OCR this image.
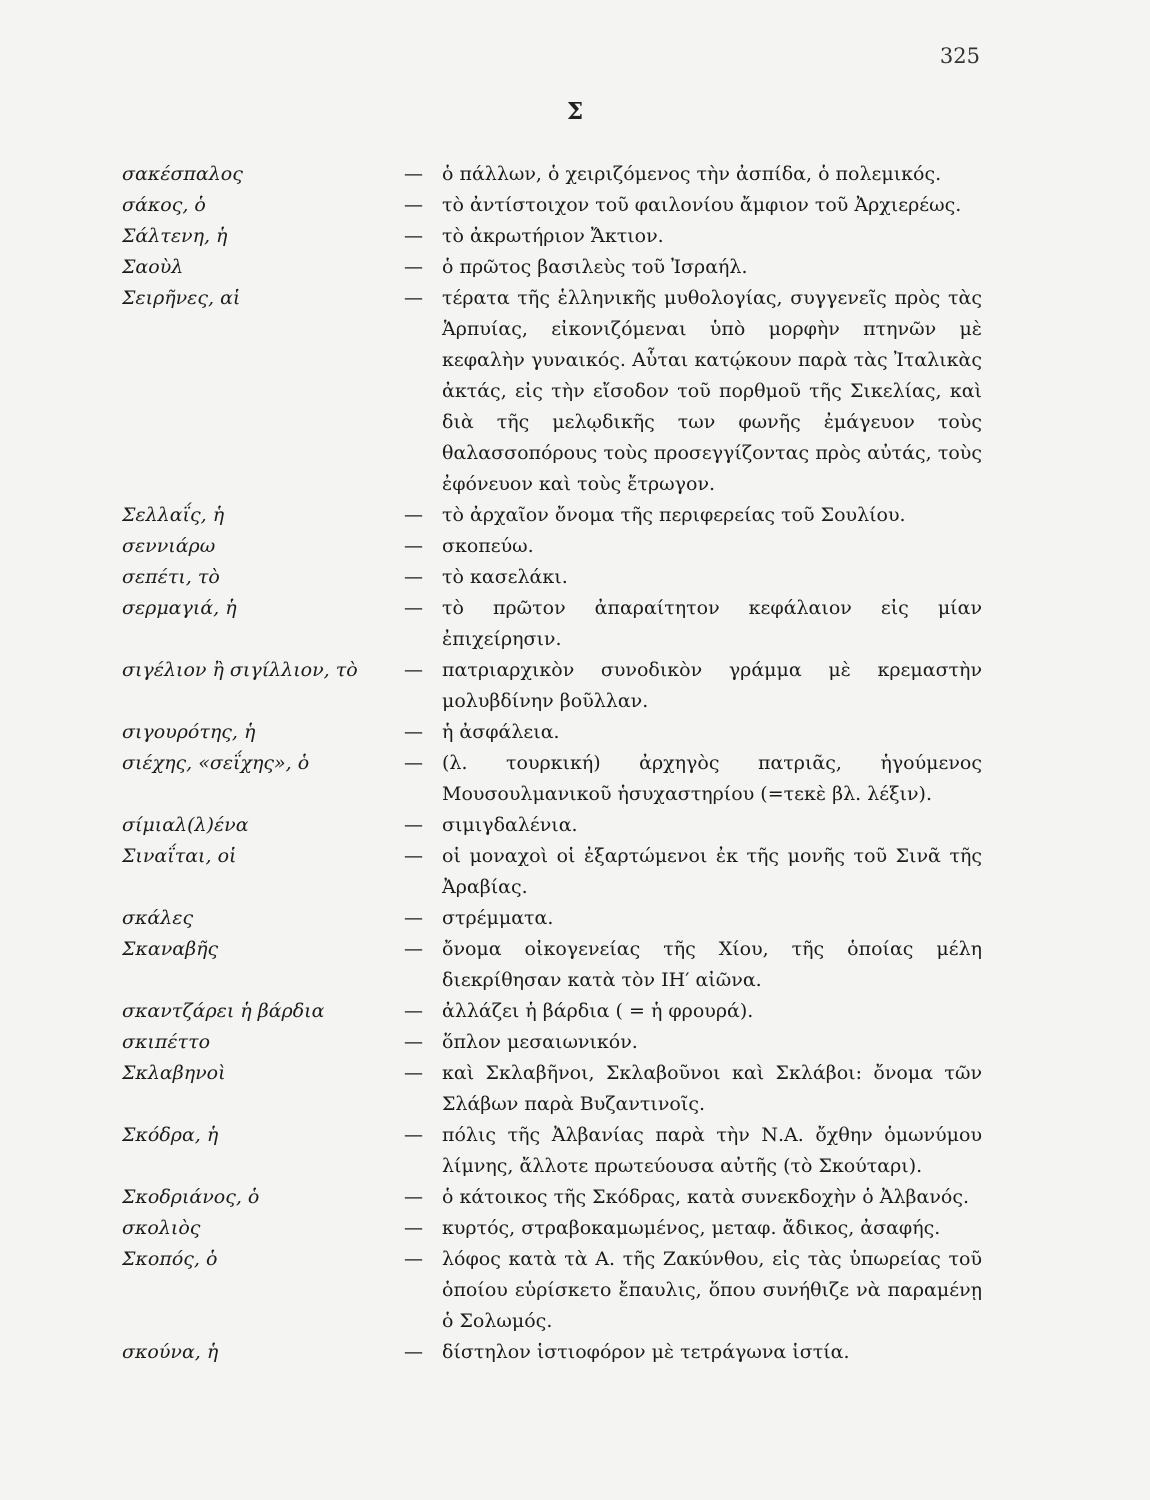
325
Σ
σακέσπαλος	—	ὁ πάλλων, ὁ χειριζόμενος τὴν ἀσπίδα, ὁ πολεμικός.
σάκος, ὁ	—	τὸ ἀντίστοιχον τοῦ φαιλονίου ἄμφιον τοῦ Ἀρχιερέως.
Σάλτενη, ἡ	—	τὸ ἀκρωτήριον Ἄκτιον.
Σαοὺλ	—	ὁ πρῶτος βασιλεὺς τοῦ Ἰσραήλ.
Σειρῆνες, αἱ	—	τέρατα τῆς ἑλληνικῆς μυθολογίας, συγγενεῖς πρὸς τὰς Ἁρπυίας, εἰκονιζόμεναι ὑπὸ μορφὴν πτηνῶν μὲ κεφαλὴν γυναικός. Αὗται κατῴκουν παρὰ τὰς Ἰταλικὰς ἀκτάς, εἰς τὴν εἴσοδον τοῦ πορθμοῦ τῆς Σικελίας, καὶ διὰ τῆς μελῳδικῆς των φωνῆς ἐμάγευον τοὺς θαλασσοπόρους τοὺς προσεγγίζοντας πρὸς αὐτάς, τοὺς ἐφόνευον καὶ τοὺς ἔτρωγον.
Σελλαΐς, ἡ	—	τὸ ἀρχαῖον ὄνομα τῆς περιφερείας τοῦ Σουλίου.
σεννιάρω	—	σκοπεύω.
σεπέτι, τὸ	—	τὸ κασελάκι.
σερμαγιά, ἡ	—	τὸ πρῶτον ἀπαραίτητον κεφάλαιον εἰς μίαν ἐπιχείρησιν.
σιγέλιον ἢ σιγίλλιον, τὸ	—	πατριαρχικὸν συνοδικὸν γράμμα μὲ κρεμαστὴν μολυβδίνην βοῦλλαν.
σιγουρότης, ἡ	—	ἡ ἀσφάλεια.
σιέχης, «σεΐχης», ὁ	—	(λ. τουρκική) ἀρχηγὸς πατριᾶς, ἡγούμενος Μουσουλμανικοῦ ἡσυχαστηρίου (=τεκὲ βλ. λέξιν).
σίμιαλ(λ)ένα	—	σιμιγδαλένια.
Σιναΐται, οἱ	—	οἱ μοναχοὶ οἱ ἐξαρτώμενοι ἐκ τῆς μονῆς τοῦ Σινᾶ τῆς Ἀραβίας.
σκάλες	—	στρέμματα.
Σκαναβῆς	—	ὄνομα οἰκογενείας τῆς Χίου, τῆς ὁποίας μέλη διεκρίθησαν κατὰ τὸν ΙΗ′ αἰῶνα.
σκαντζάρει ἡ βάρδια	—	ἀλλάζει ἡ βάρδια ( = ἡ φρουρά).
σκιπέττο	—	ὅπλον μεσαιωνικόν.
Σκλαβηνοὶ	—	καὶ Σκλαβῆνοι, Σκλαβοῦνοι καὶ Σκλάβοι: ὄνομα τῶν Σλάβων παρὰ Βυζαντινοῖς.
Σκόδρα, ἡ	—	πόλις τῆς Ἀλβανίας παρὰ τὴν Ν.Α. ὄχθην ὁμωνύμου λίμνης, ἄλλοτε πρωτεύουσα αὐτῆς (τὸ Σκούταρι).
Σκοδριάνος, ὁ	—	ὁ κάτοικος τῆς Σκόδρας, κατὰ συνεκδοχὴν ὁ Ἀλβανός.
σκολιὸς	—	κυρτός, στραβοκαμωμένος, μεταφ. ἄδικος, ἀσαφής.
Σκοπός, ὁ	—	λόφος κατὰ τὰ Α. τῆς Ζακύνθου, εἰς τὰς ὑπωρείας τοῦ ὁποίου εὑρίσκετο ἔπαυλις, ὅπου συνήθιζε νὰ παραμένῃ ὁ Σολωμός.
σκούνα, ἡ	—	δίστηλον ἱστιοφόρον μὲ τετράγωνα ἱστία.
